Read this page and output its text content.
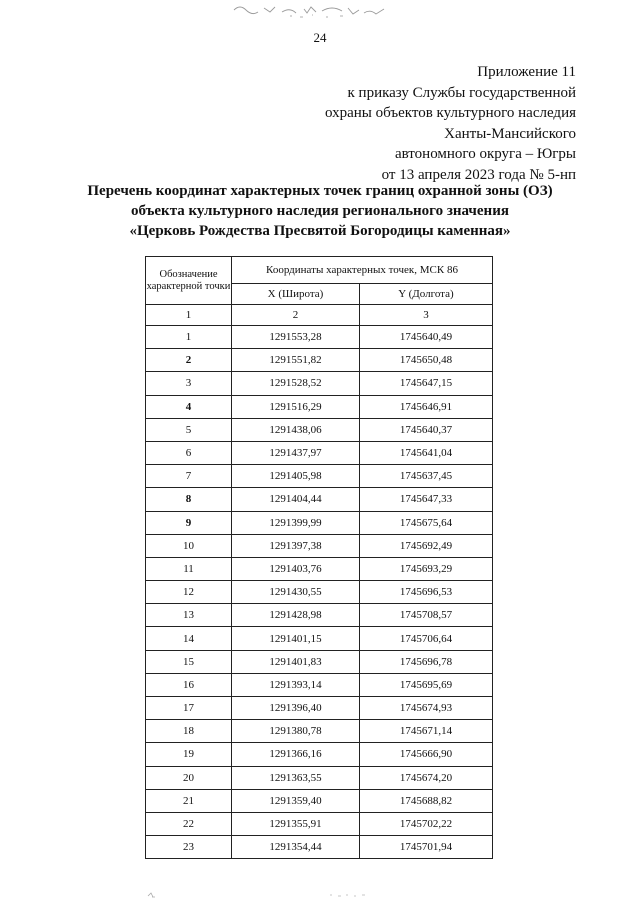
24
Приложение 11
к приказу Службы государственной
охраны объектов культурного наследия
Ханты-Мансийского
автономного округа – Югры
от 13 апреля 2023 года № 5-нп
Перечень координат характерных точек границ охранной зоны (ОЗ)
объекта культурного наследия регионального значения
«Церковь Рождества Пресвятой Богородицы каменная»
Обозначение характерной точки	Координаты характерных точек, МСК 86	
	X (Широта)	Y (Долгота)
1	2	3
1	1291553,28	1745640,49
2	1291551,82	1745650,48
3	1291528,52	1745647,15
4	1291516,29	1745646,91
5	1291438,06	1745640,37
6	1291437,97	1745641,04
7	1291405,98	1745637,45
8	1291404,44	1745647,33
9	1291399,99	1745675,64
10	1291397,38	1745692,49
11	1291403,76	1745693,29
12	1291430,55	1745696,53
13	1291428,98	1745708,57
14	1291401,15	1745706,64
15	1291401,83	1745696,78
16	1291393,14	1745695,69
17	1291396,40	1745674,93
18	1291380,78	1745671,14
19	1291366,16	1745666,90
20	1291363,55	1745674,20
21	1291359,40	1745688,82
22	1291355,91	1745702,22
23	1291354,44	1745701,94
